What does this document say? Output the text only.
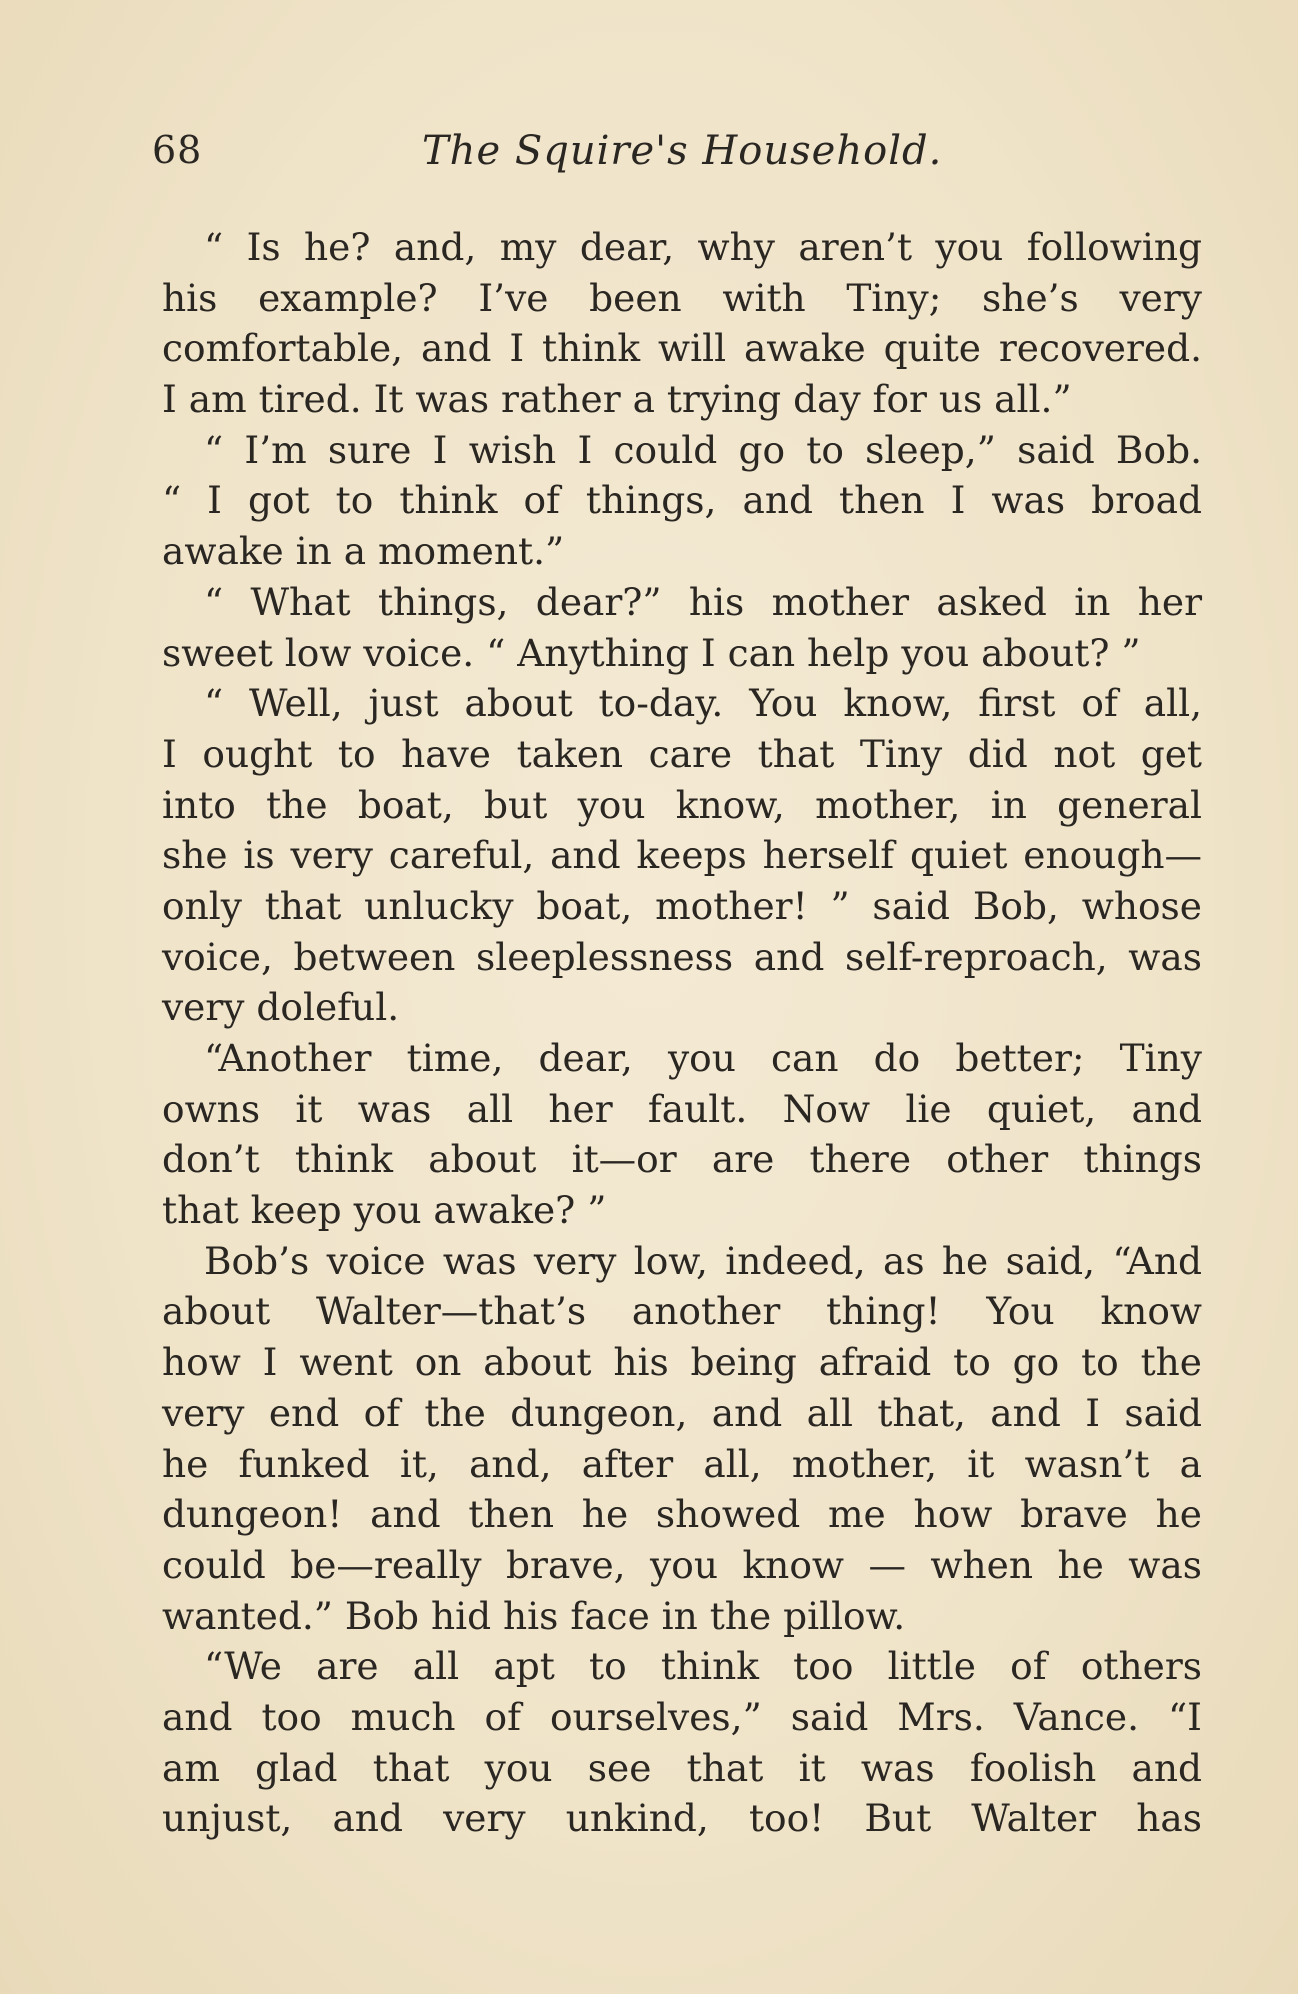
68	The Squire's Household.
“ Is he? and, my dear, why aren’t you following
his example? I’ve been with Tiny; she’s very
comfortable, and I think will awake quite recovered.
I am tired. It was rather a trying day for us all.”
“ I’m sure I wish I could go to sleep,” said Bob.
“ I got to think of things, and then I was broad
awake in a moment.”
“ What things, dear?” his mother asked in her
sweet low voice. “ Anything I can help you about? ”
“ Well, just about to-day. You know, first of all,
I ought to have taken care that Tiny did not get
into the boat, but you know, mother, in general
she is very careful, and keeps herself quiet enough—
only that unlucky boat, mother! ” said Bob, whose
voice, between sleeplessness and self-reproach, was
very doleful.
“Another time, dear, you can do better; Tiny
owns it was all her fault. Now lie quiet, and
don’t think about it—or are there other things
that keep you awake? ”
Bob’s voice was very low, indeed, as he said, “And
about Walter—that’s another thing! You know
how I went on about his being afraid to go to the
very end of the dungeon, and all that, and I said
he funked it, and, after all, mother, it wasn’t a
dungeon! and then he showed me how brave he
could be—really brave, you know — when he was
wanted.” Bob hid his face in the pillow.
“We are all apt to think too little of others
and too much of ourselves,” said Mrs. Vance. “I
am glad that you see that it was foolish and
unjust, and very unkind, too! But Walter has
